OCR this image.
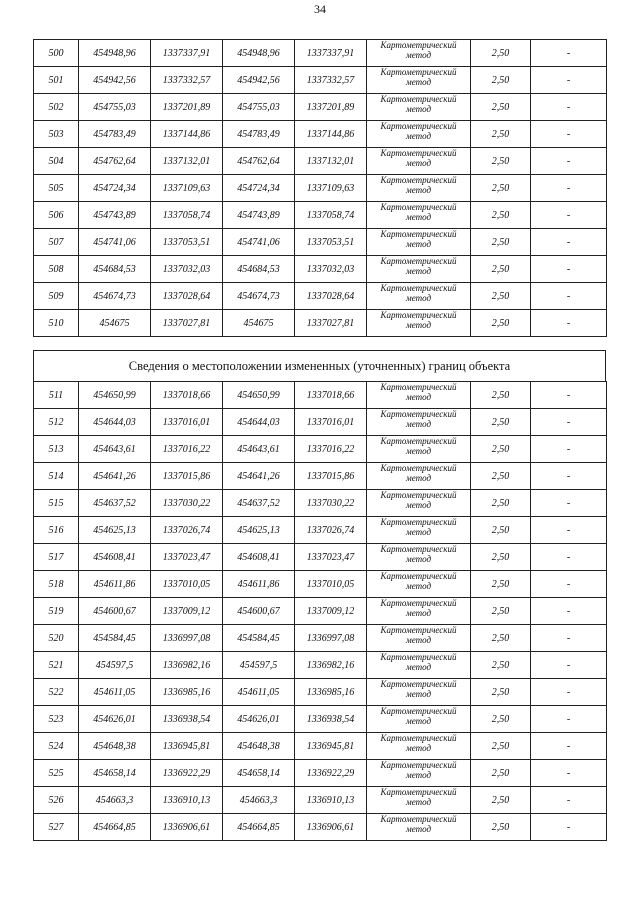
34
500	454948,96	1337337,91	454948,96	1337337,91	Картометрический
метод	2,50	-
501	454942,56	1337332,57	454942,56	1337332,57	Картометрический
метод	2,50	-
502	454755,03	1337201,89	454755,03	1337201,89	Картометрический
метод	2,50	-
503	454783,49	1337144,86	454783,49	1337144,86	Картометрический
метод	2,50	-
504	454762,64	1337132,01	454762,64	1337132,01	Картометрический
метод	2,50	-
505	454724,34	1337109,63	454724,34	1337109,63	Картометрический
метод	2,50	-
506	454743,89	1337058,74	454743,89	1337058,74	Картометрический
метод	2,50	-
507	454741,06	1337053,51	454741,06	1337053,51	Картометрический
метод	2,50	-
508	454684,53	1337032,03	454684,53	1337032,03	Картометрический
метод	2,50	-
509	454674,73	1337028,64	454674,73	1337028,64	Картометрический
метод	2,50	-
510	454675	1337027,81	454675	1337027,81	Картометрический
метод	2,50	-
Сведения о местоположении измененных (уточненных) границ объекта
511	454650,99	1337018,66	454650,99	1337018,66	Картометрический
метод	2,50	-
512	454644,03	1337016,01	454644,03	1337016,01	Картометрический
метод	2,50	-
513	454643,61	1337016,22	454643,61	1337016,22	Картометрический
метод	2,50	-
514	454641,26	1337015,86	454641,26	1337015,86	Картометрический
метод	2,50	-
515	454637,52	1337030,22	454637,52	1337030,22	Картометрический
метод	2,50	-
516	454625,13	1337026,74	454625,13	1337026,74	Картометрический
метод	2,50	-
517	454608,41	1337023,47	454608,41	1337023,47	Картометрический
метод	2,50	-
518	454611,86	1337010,05	454611,86	1337010,05	Картометрический
метод	2,50	-
519	454600,67	1337009,12	454600,67	1337009,12	Картометрический
метод	2,50	-
520	454584,45	1336997,08	454584,45	1336997,08	Картометрический
метод	2,50	-
521	454597,5	1336982,16	454597,5	1336982,16	Картометрический
метод	2,50	-
522	454611,05	1336985,16	454611,05	1336985,16	Картометрический
метод	2,50	-
523	454626,01	1336938,54	454626,01	1336938,54	Картометрический
метод	2,50	-
524	454648,38	1336945,81	454648,38	1336945,81	Картометрический
метод	2,50	-
525	454658,14	1336922,29	454658,14	1336922,29	Картометрический
метод	2,50	-
526	454663,3	1336910,13	454663,3	1336910,13	Картометрический
метод	2,50	-
527	454664,85	1336906,61	454664,85	1336906,61	Картометрический
метод	2,50	-
